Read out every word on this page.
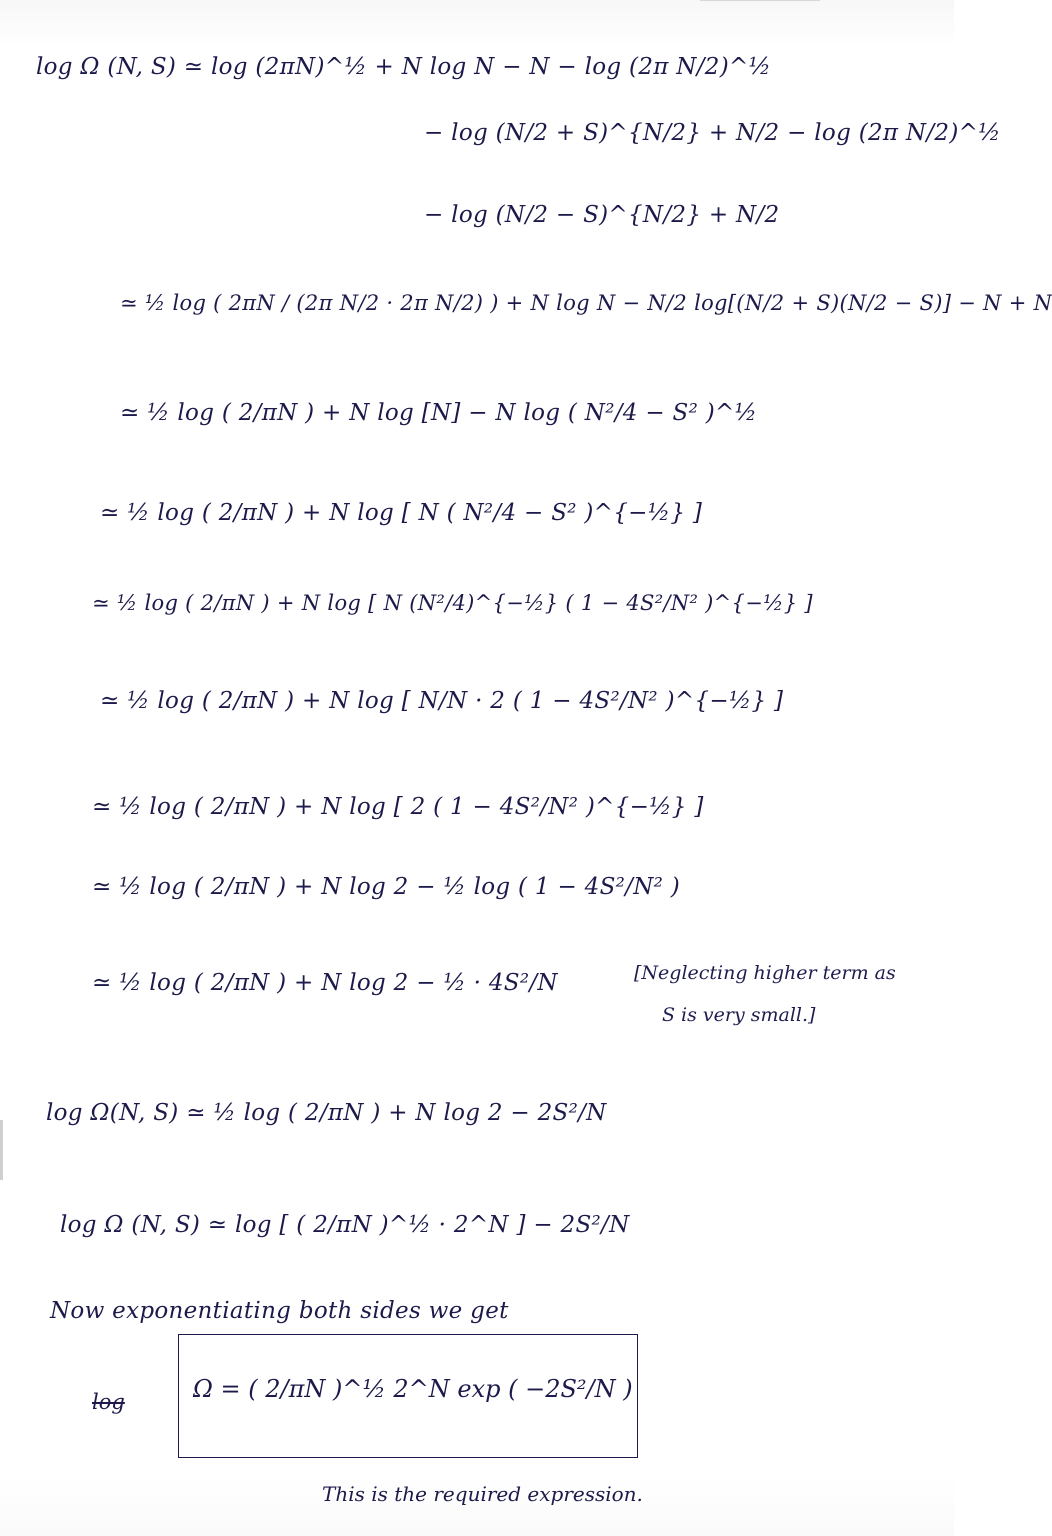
log Ω (N, S) ≃ log (2πN)^½ + N log N − N − log (2π N/2)^½
− log (N/2 + S)^{N/2} + N/2 − log (2π N/2)^½
− log (N/2 − S)^{N/2} + N/2
≃ ½ log ( 2πN / (2π N/2 · 2π N/2) ) + N log N − N/2 log[(N/2 + S)(N/2 − S)] − N + N
≃ ½ log ( 2/πN ) + N log [N] − N log ( N²/4 − S² )^½
≃ ½ log ( 2/πN ) + N log [ N ( N²/4 − S² )^{−½} ]
≃ ½ log ( 2/πN ) + N log [ N (N²/4)^{−½} ( 1 − 4S²/N² )^{−½} ]
≃ ½ log ( 2/πN ) + N log [ N/N · 2 ( 1 − 4S²/N² )^{−½} ]
≃ ½ log ( 2/πN ) + N log [ 2 ( 1 − 4S²/N² )^{−½} ]
≃ ½ log ( 2/πN ) + N log 2 − ½ log ( 1 − 4S²/N² )
≃ ½ log ( 2/πN ) + N log 2 − ½ · 4S²/N	[Neglecting higher term as
S is very small.]
log Ω(N, S) ≃ ½ log ( 2/πN ) + N log 2 − 2S²/N
log Ω (N, S) ≃ log [ ( 2/πN )^½ · 2^N ] − 2S²/N
Now exponentiating both sides we get
log	Ω = ( 2/πN )^½ 2^N exp ( −2S²/N )
This is the required expression.
